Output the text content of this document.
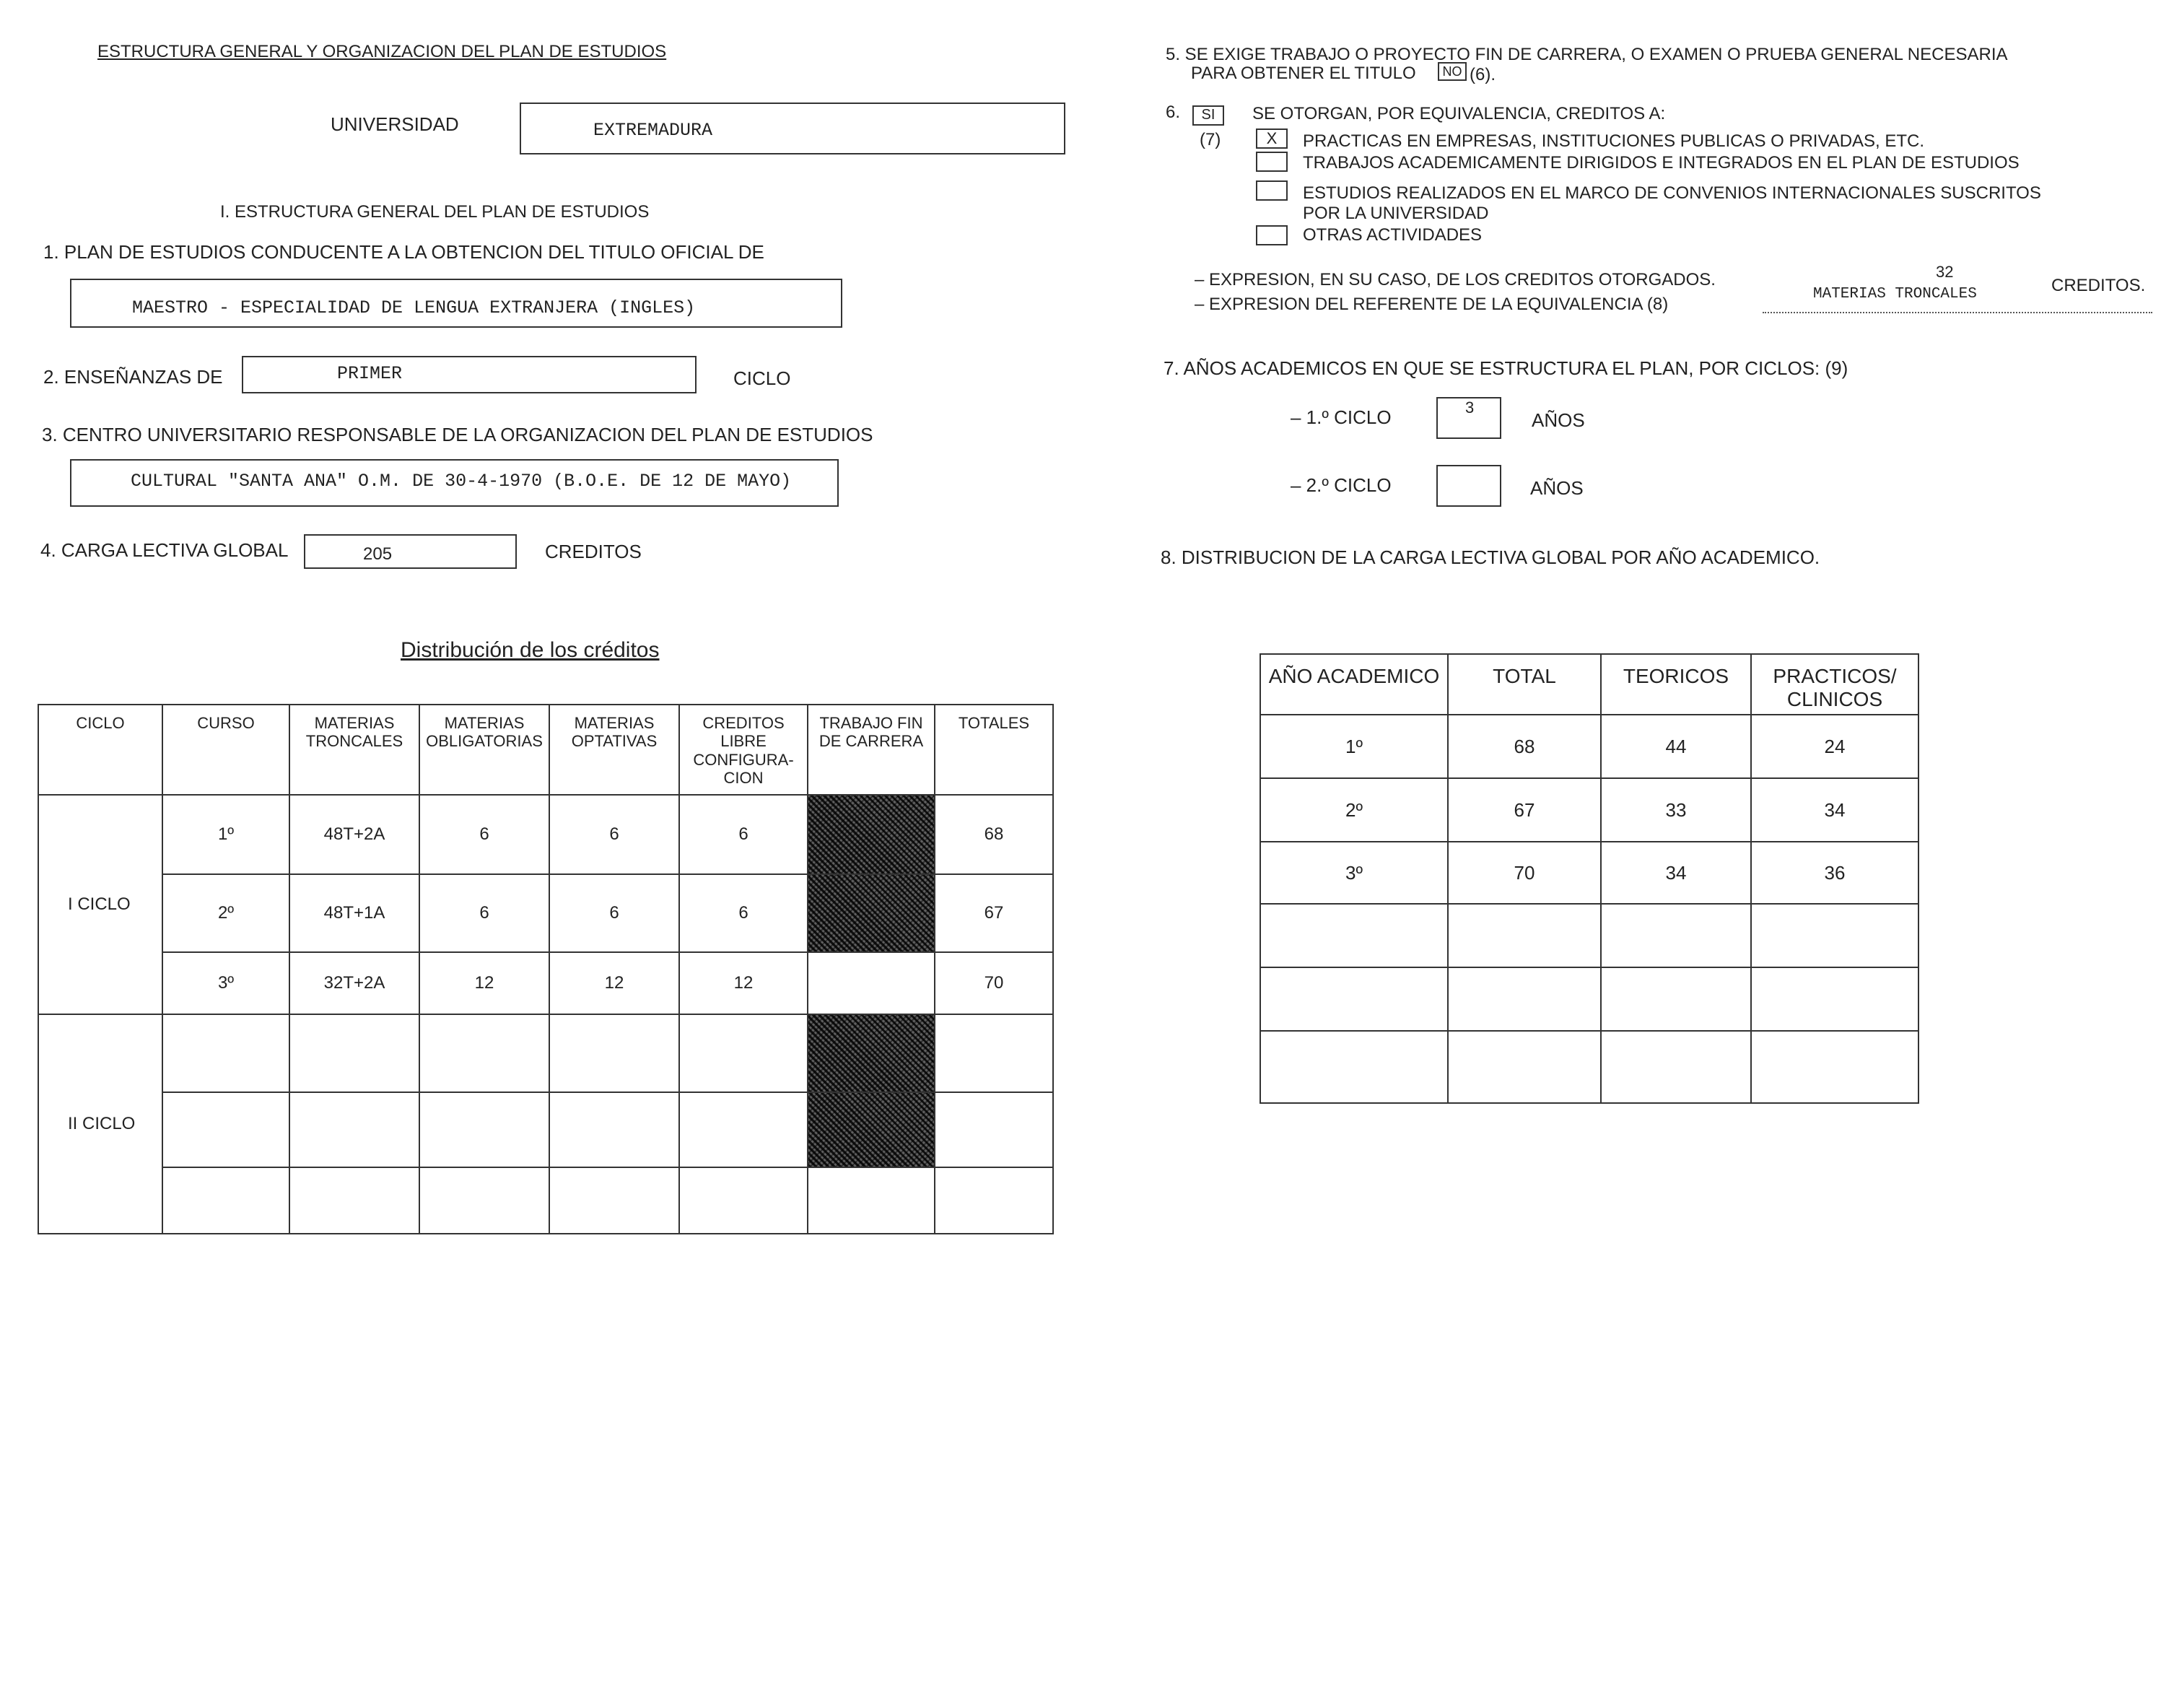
ESTRUCTURA GENERAL Y ORGANIZACION DEL PLAN DE ESTUDIOS
UNIVERSIDAD	EXTREMADURA
I. ESTRUCTURA GENERAL DEL PLAN DE ESTUDIOS
1. PLAN DE ESTUDIOS CONDUCENTE A LA OBTENCION DEL TITULO OFICIAL DE
MAESTRO - ESPECIALIDAD DE LENGUA EXTRANJERA (INGLES)
2. ENSEÑANZAS DE	PRIMER	CICLO
3. CENTRO UNIVERSITARIO RESPONSABLE DE LA ORGANIZACION DEL PLAN DE ESTUDIOS
CULTURAL "SANTA ANA" O.M. DE 30-4-1970 (B.O.E. DE 12 DE MAYO)
4. CARGA LECTIVA GLOBAL	205	CREDITOS
Distribución de los créditos
CICLO	CURSO	MATERIAS TRONCALES	MATERIAS OBLIGATORIAS	MATERIAS OPTATIVAS	CREDITOS LIBRE CONFIGURA-CION	TRABAJO FIN DE CARRERA	TOTALES
I CICLO	1º	48T+2A	6	6	6		68
	2º	48T+1A	6	6	6		67
	3º	32T+2A	12	12	12		70
II CICLO							

5. SE EXIGE TRABAJO O PROYECTO FIN DE CARRERA, O EXAMEN O PRUEBA GENERAL NECESARIA
PARA OBTENER EL TITULO	NO (6).
6.	SI
(7)
SE OTORGAN, POR EQUIVALENCIA, CREDITOS A:
X	PRACTICAS EN EMPRESAS, INSTITUCIONES PUBLICAS O PRIVADAS, ETC.
TRABAJOS ACADEMICAMENTE DIRIGIDOS E INTEGRADOS EN EL PLAN DE ESTUDIOS
ESTUDIOS REALIZADOS EN EL MARCO DE CONVENIOS INTERNACIONALES SUSCRITOS
POR LA UNIVERSIDAD
OTRAS ACTIVIDADES
– EXPRESION, EN SU CASO, DE LOS CREDITOS OTORGADOS.	32
MATERIAS TRONCALES	CREDITOS.
– EXPRESION DEL REFERENTE DE LA EQUIVALENCIA (8)
7. AÑOS ACADEMICOS EN QUE SE ESTRUCTURA EL PLAN, POR CICLOS: (9)
– 1.º CICLO	3
AÑOS
– 2.º CICLO	AÑOS
8. DISTRIBUCION DE LA CARGA LECTIVA GLOBAL POR AÑO ACADEMICO.
AÑO ACADEMICO	TOTAL	TEORICOS	PRACTICOS/ CLINICOS
1º	68	44	24
2º	67	33	34
3º	70	34	36
